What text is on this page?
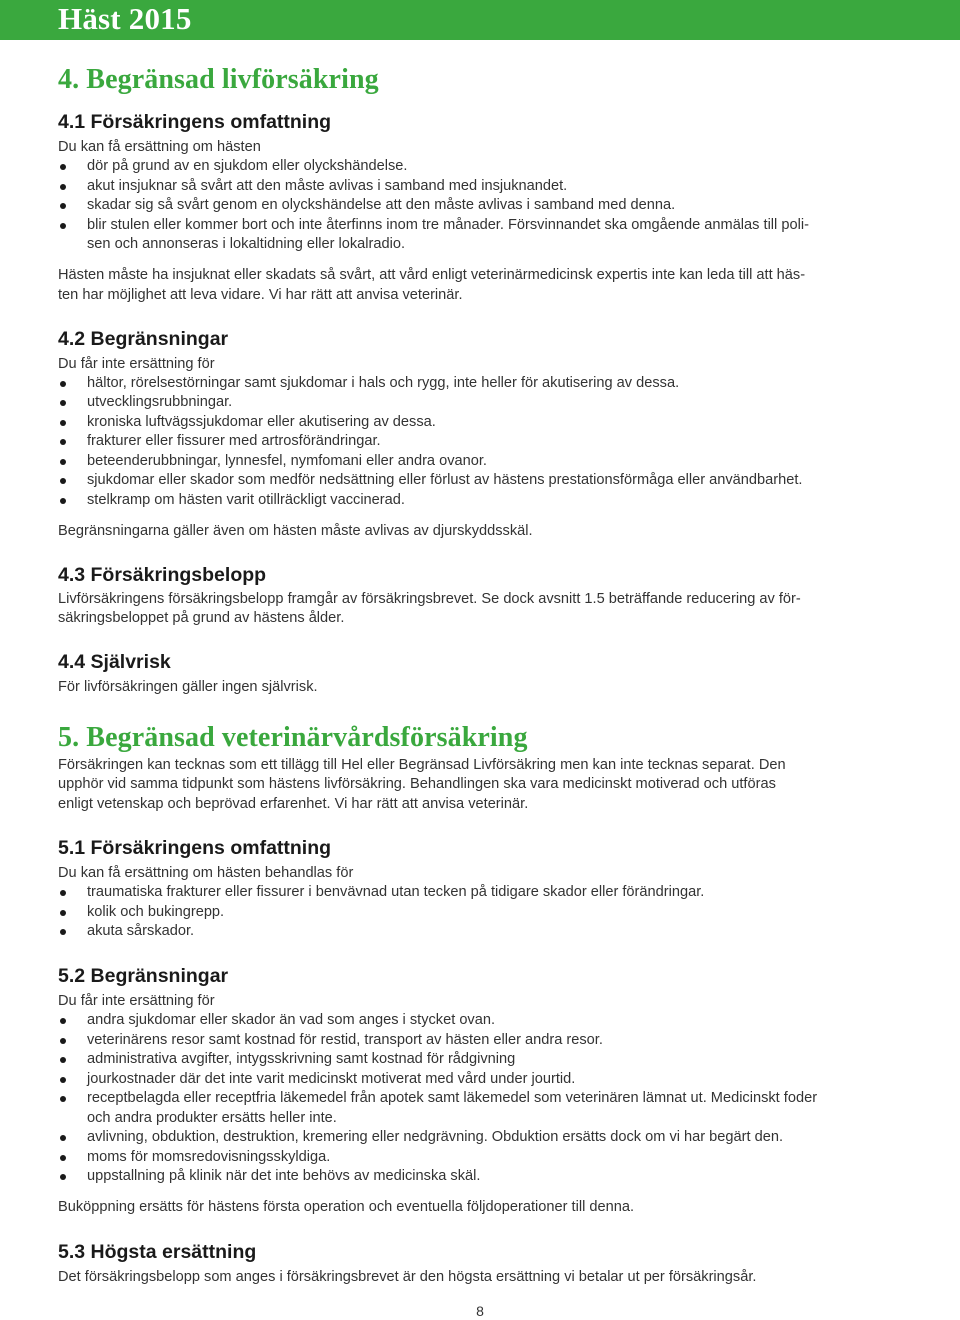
Häst 2015
4. Begränsad livförsäkring
4.1 Försäkringens omfattning
Du kan få ersättning om hästen
dör på grund av en sjukdom eller olyckshändelse.
akut insjuknar så svårt att den måste avlivas i samband med insjuknandet.
skadar sig så svårt genom en olyckshändelse att den måste avlivas i samband med denna.
blir stulen eller kommer bort och inte återfinns inom tre månader. Försvinnandet ska omgående anmälas till poli-
sen och annonseras i lokaltidning eller lokalradio.
Hästen måste ha insjuknat eller skadats så svårt, att vård enligt veterinärmedicinsk expertis inte kan leda till att häs-
ten har möjlighet att leva vidare. Vi har rätt att anvisa veterinär.
4.2 Begränsningar
Du får inte ersättning för
hältor, rörelsestörningar samt sjukdomar i hals och rygg, inte heller för akutisering av dessa.
utvecklingsrubbningar.
kroniska luftvägssjukdomar eller akutisering av dessa.
frakturer eller fissurer med artrosförändringar.
beteenderubbningar, lynnesfel, nymfomani eller andra ovanor.
sjukdomar eller skador som medför nedsättning eller förlust av hästens prestationsförmåga eller användbarhet.
stelkramp om hästen varit otillräckligt vaccinerad.
Begränsningarna gäller även om hästen måste avlivas av djurskyddsskäl.
4.3 Försäkringsbelopp
Livförsäkringens försäkringsbelopp framgår av försäkringsbrevet. Se dock avsnitt 1.5 beträffande reducering av för-
säkringsbeloppet på grund av hästens ålder.
4.4 Självrisk
För livförsäkringen gäller ingen självrisk.
5. Begränsad veterinärvårdsförsäkring
Försäkringen kan tecknas som ett tillägg till Hel eller Begränsad Livförsäkring men kan inte tecknas separat. Den
upphör vid samma tidpunkt som hästens livförsäkring. Behandlingen ska vara medicinskt motiverad och utföras
enligt vetenskap och beprövad erfarenhet. Vi har rätt att anvisa veterinär.
5.1 Försäkringens omfattning
Du kan få ersättning om hästen behandlas för
traumatiska frakturer eller fissurer i benvävnad utan tecken på tidigare skador eller förändringar.
kolik och bukingrepp.
akuta sårskador.
5.2 Begränsningar
Du får inte ersättning för
andra sjukdomar eller skador än vad som anges i stycket ovan.
veterinärens resor samt kostnad för restid, transport av hästen eller andra resor.
administrativa avgifter, intygsskrivning samt kostnad för rådgivning
jourkostnader där det inte varit medicinskt motiverat med vård under jourtid.
receptbelagda eller receptfria läkemedel från apotek samt läkemedel som veterinären lämnat ut. Medicinskt foder
och andra produkter ersätts heller inte.
avlivning, obduktion, destruktion, kremering eller nedgrävning. Obduktion ersätts dock om vi har begärt den.
moms för momsredovisningsskyldiga.
uppstallning på klinik när det inte behövs av medicinska skäl.
Buköppning ersätts för hästens första operation och eventuella följdoperationer till denna.
5.3 Högsta ersättning
Det försäkringsbelopp som anges i försäkringsbrevet är den högsta ersättning vi betalar ut per försäkringsår.
8
